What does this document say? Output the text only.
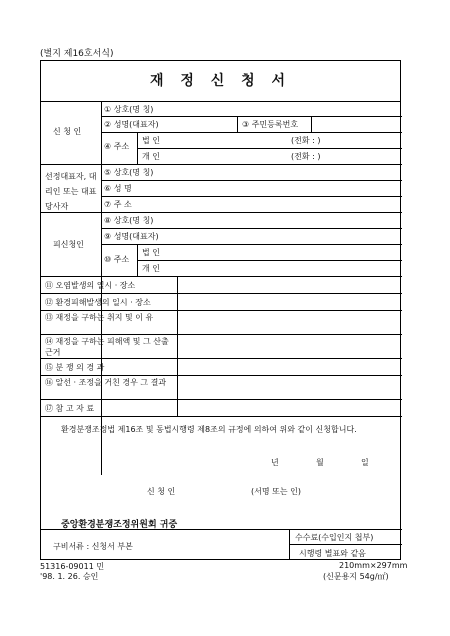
(별지 제16호서식)
재 정 신 청 서
신 청 인
① 상호(명 칭)
② 성명(대표자)	③ 주민등록번호
④ 주소
법 인	(전화 : )
개 인	(전화 : )
선정대표자, 대리인 또는 대표당사자
⑤ 상호(명 칭)
⑥ 성 명
⑦ 주 소
피신청인
⑧ 상호(명 칭)
⑨ 성명(대표자)
⑩ 주소
법 인
개 인
⑪ 오염발생의 일시 · 장소
⑫ 환경피해발생의 일시 · 장소
⑬ 재정을 구하는 취지 및 이 유
⑭ 재정을 구하는 피해액 및 그 산출근거
⑮ 분 쟁 의 경 과
⑯ 알선 · 조정을 거친 경우 그 결과
⑰ 참 고 자 료
환경분쟁조정법 제16조 및 동법시행령 제8조의 규정에 의하여 위와 같이 신청합니다.
년	월	일
신 청 인	(서명 또는 인)
중앙환경분쟁조정위원회 귀중
구비서류 : 신청서 부본
수수료(수입인지 첩부)
시행령 별표와 같음
51316-09011 민
'98. 1. 26. 승인
210mm×297mm
(신문용지 54g/㎡)
